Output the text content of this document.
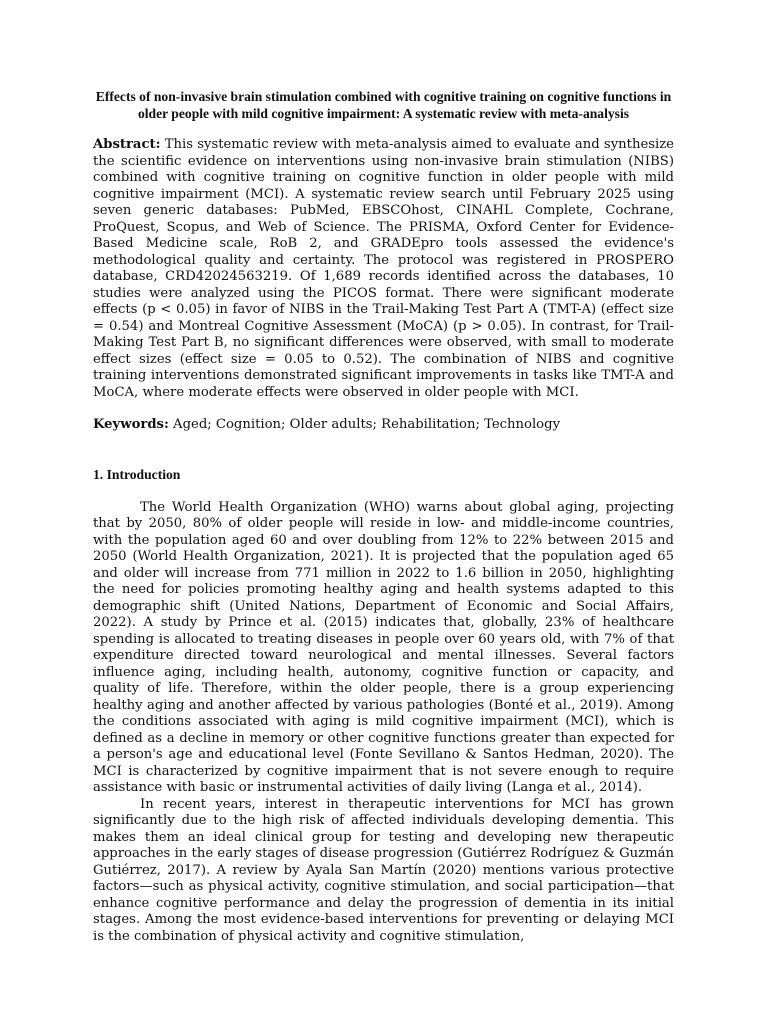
Effects of non-invasive brain stimulation combined with cognitive training on cognitive functions in older people with mild cognitive impairment: A systematic review with meta-analysis

Abstract: This systematic review with meta-analysis aimed to evaluate and synthesize the scientific evidence on interventions using non-invasive brain stimulation (NIBS) combined with cognitive training on cognitive function in older people with mild cognitive impairment (MCI). A systematic review search until February 2025 using seven generic databases: PubMed, EBSCOhost, CINAHL Complete, Cochrane, ProQuest, Scopus, and Web of Science. The PRISMA, Oxford Center for Evidence-Based Medicine scale, RoB 2, and GRADEpro tools assessed the evidence's methodological quality and certainty. The protocol was registered in PROSPERO database, CRD42024563219. Of 1,689 records identified across the databases, 10 studies were analyzed using the PICOS format. There were significant moderate effects (p < 0.05) in favor of NIBS in the Trail-Making Test Part A (TMT-A) (effect size = 0.54) and Montreal Cognitive Assessment (MoCA) (p > 0.05). In contrast, for Trail-Making Test Part B, no significant differences were observed, with small to moderate effect sizes (effect size = 0.05 to 0.52). The combination of NIBS and cognitive training interventions demonstrated significant improvements in tasks like TMT-A and MoCA, where moderate effects were observed in older people with MCI.

Keywords: Aged; Cognition; Older adults; Rehabilitation; Technology

1. Introduction

The World Health Organization (WHO) warns about global aging, projecting that by 2050, 80% of older people will reside in low- and middle-income countries, with the population aged 60 and over doubling from 12% to 22% between 2015 and 2050 (World Health Organization, 2021). It is projected that the population aged 65 and older will increase from 771 million in 2022 to 1.6 billion in 2050, highlighting the need for policies promoting healthy aging and health systems adapted to this demographic shift (United Nations, Department of Economic and Social Affairs, 2022). A study by Prince et al. (2015) indicates that, globally, 23% of healthcare spending is allocated to treating diseases in people over 60 years old, with 7% of that expenditure directed toward neurological and mental illnesses. Several factors influence aging, including health, autonomy, cognitive function or capacity, and quality of life. Therefore, within the older people, there is a group experiencing healthy aging and another affected by various pathologies (Bonté et al., 2019). Among the conditions associated with aging is mild cognitive impairment (MCI), which is defined as a decline in memory or other cognitive functions greater than expected for a person's age and educational level (Fonte Sevillano & Santos Hedman, 2020). The MCI is characterized by cognitive impairment that is not severe enough to require assistance with basic or instrumental activities of daily living (Langa et al., 2014).

In recent years, interest in therapeutic interventions for MCI has grown significantly due to the high risk of affected individuals developing dementia. This makes them an ideal clinical group for testing and developing new therapeutic approaches in the early stages of disease progression (Gutiérrez Rodríguez & Guzmán Gutiérrez, 2017). A review by Ayala San Martín (2020) mentions various protective factors—such as physical activity, cognitive stimulation, and social participation—that enhance cognitive performance and delay the progression of dementia in its initial stages. Among the most evidence-based interventions for preventing or delaying MCI is the combination of physical activity and cognitive stimulation,
